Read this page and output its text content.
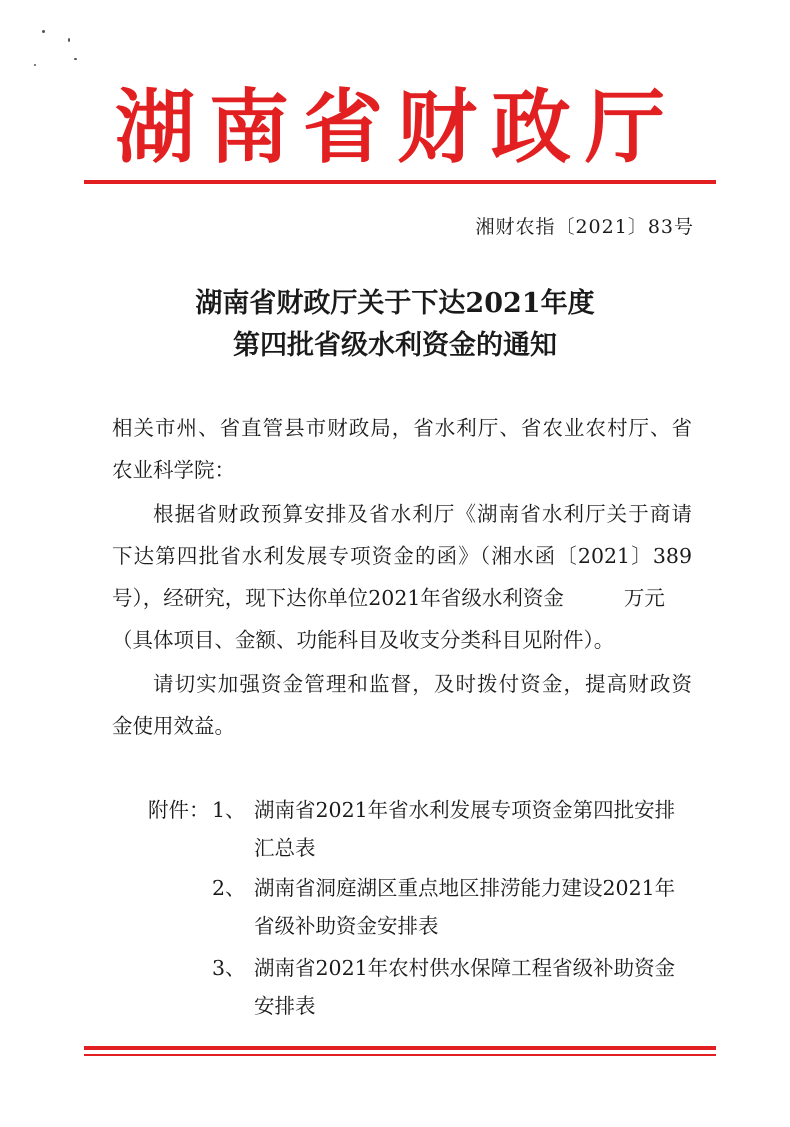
湖南省财政厅
湘财农指〔2021〕83号
湖南省财政厅关于下达2021年度
第四批省级水利资金的通知
相关市州、省直管县市财政局，省水利厅、省农业农村厅、省
农业科学院：
根据省财政预算安排及省水利厅《湖南省水利厅关于商请
下达第四批省水利发展专项资金的函》（湘水函〔2021〕389
号），经研究，现下达你单位2021年省级水利资金	万元
（具体项目、金额、功能科目及收支分类科目见附件）。
请切实加强资金管理和监督，及时拨付资金，提高财政资
金使用效益。
附件： 1、 湖南省2021年省水利发展专项资金第四批安排
汇总表
2、 湖南省洞庭湖区重点地区排涝能力建设2021年
省级补助资金安排表
3、 湖南省2021年农村供水保障工程省级补助资金
安排表
